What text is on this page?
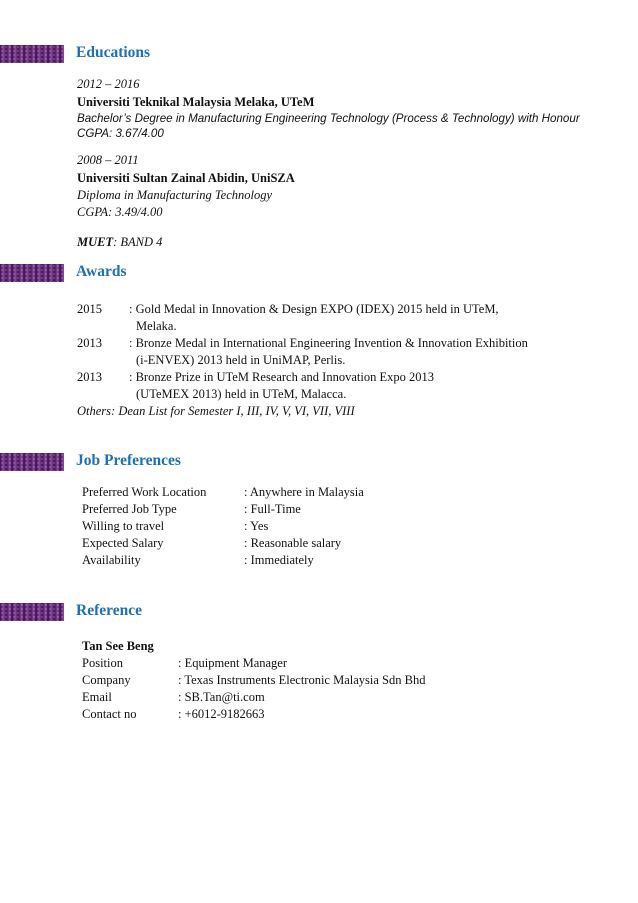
Educations
2012 – 2016
Universiti Teknikal Malaysia Melaka, UTeM
Bachelor’s Degree in Manufacturing Engineering Technology (Process & Technology) with Honour
CGPA: 3.67/4.00
2008 – 2011
Universiti Sultan Zainal Abidin, UniSZA
Diploma in Manufacturing Technology
CGPA: 3.49/4.00
MUET: BAND 4
Awards
2015 : Gold Medal in Innovation & Design EXPO (IDEX) 2015 held in UTeM,
Melaka.
2013 : Bronze Medal in International Engineering Invention & Innovation Exhibition
(i-ENVEX) 2013 held in UniMAP, Perlis.
2013 : Bronze Prize in UTeM Research and Innovation Expo 2013
(UTeMEX 2013) held in UTeM, Malacca.
Others: Dean List for Semester I, III, IV, V, VI, VII, VIII
Job Preferences
Preferred Work Location	: Anywhere in Malaysia
Preferred Job Type	: Full-Time
Willing to travel	: Yes
Expected Salary	: Reasonable salary
Availability	: Immediately
Reference
Tan See Beng
Position	: Equipment Manager
Company	: Texas Instruments Electronic Malaysia Sdn Bhd
Email	: SB.Tan@ti.com
Contact no	: +6012-9182663
